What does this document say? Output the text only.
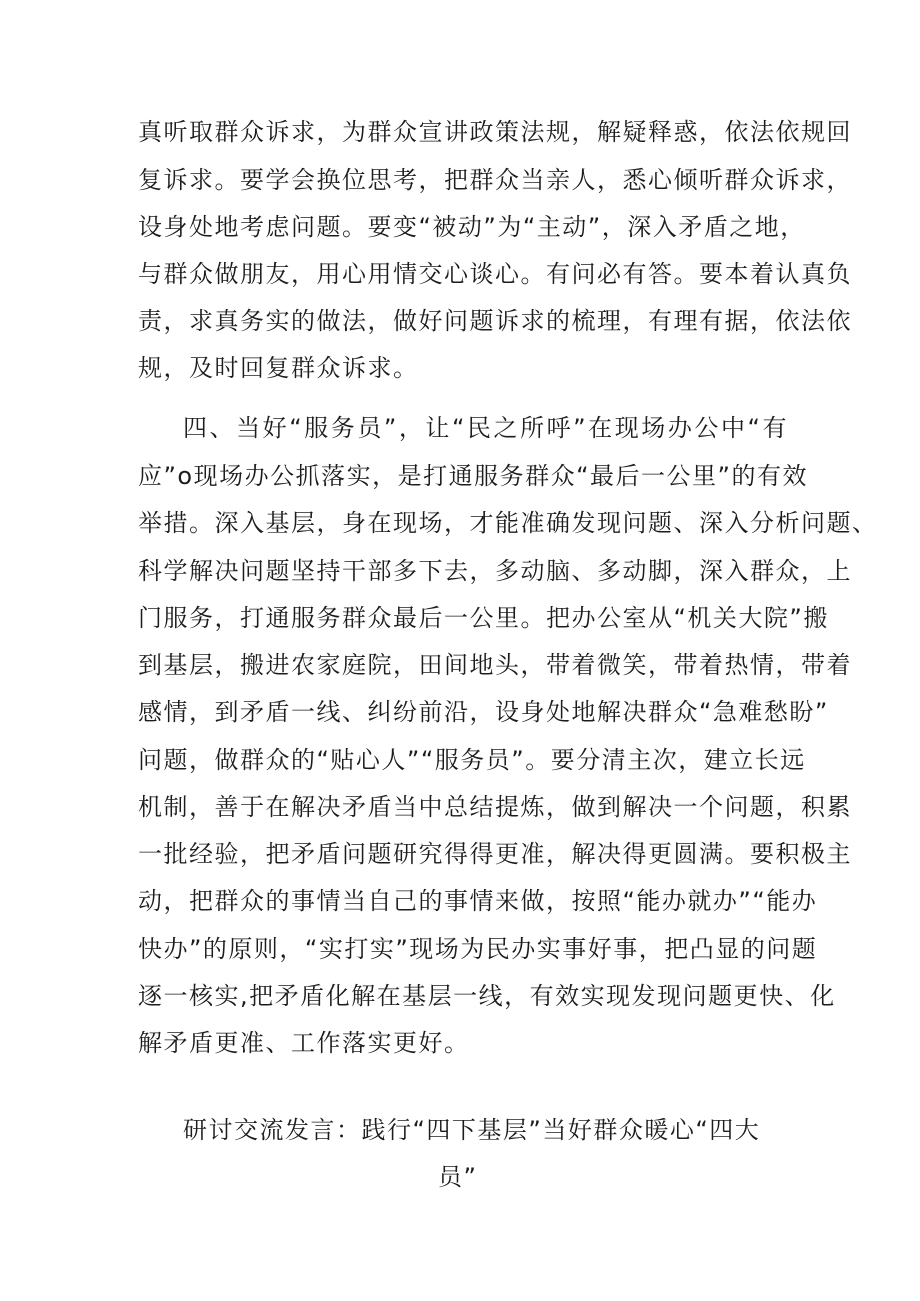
真听取群众诉求，为群众宣讲政策法规，解疑释惑，依法依规回
复诉求。要学会换位思考，把群众当亲人，悉心倾听群众诉求，
设身处地考虑问题。要变“被动”为“主动”，深入矛盾之地，
与群众做朋友，用心用情交心谈心。有问必有答。要本着认真负
责，求真务实的做法，做好问题诉求的梳理，有理有据，依法依
规，及时回复群众诉求。
四、当好“服务员”，让“民之所呼”在现场办公中“有
应”o现场办公抓落实，是打通服务群众“最后一公里”的有效
举措。深入基层，身在现场，才能准确发现问题、深入分析问题、
科学解决问题坚持干部多下去，多动脑、多动脚，深入群众，上
门服务，打通服务群众最后一公里。把办公室从“机关大院”搬
到基层，搬进农家庭院，田间地头，带着微笑，带着热情，带着
感情，到矛盾一线、纠纷前沿，设身处地解决群众“急难愁盼”
问题，做群众的“贴心人”“服务员”。要分清主次，建立长远
机制，善于在解决矛盾当中总结提炼，做到解决一个问题，积累
一批经验，把矛盾问题研究得得更准，解决得更圆满。要积极主
动，把群众的事情当自己的事情来做，按照“能办就办”“能办
快办”的原则，“实打实”现场为民办实事好事，把凸显的问题
逐一核实,把矛盾化解在基层一线，有效实现发现问题更快、化
解矛盾更准、工作落实更好。
研讨交流发言：践行“四下基层”当好群众暖心“四大
员”
